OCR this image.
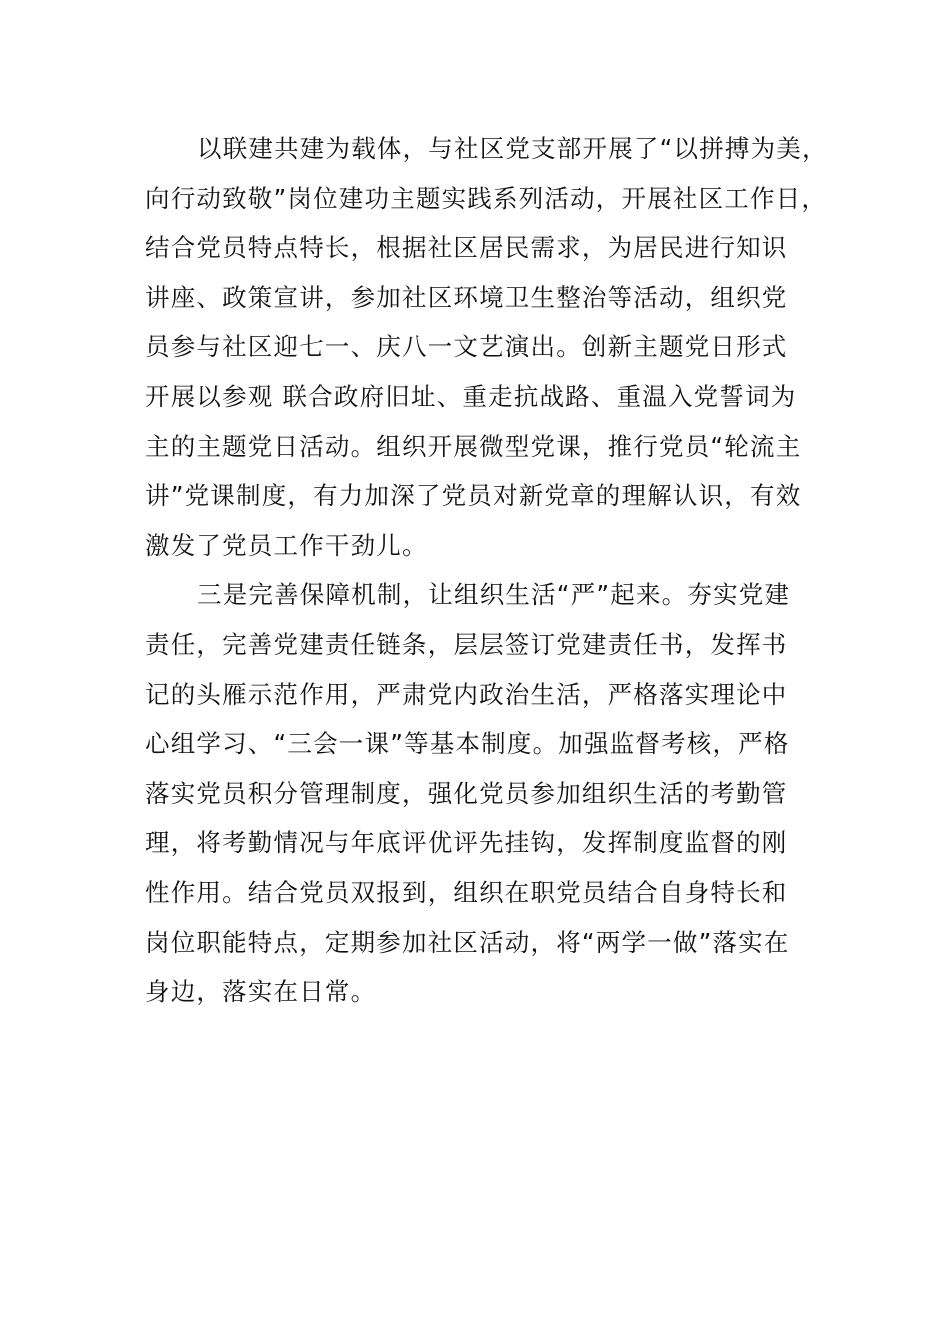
以联建共建为载体，与社区党支部开展了“以拼搏为美，
向行动致敬”岗位建功主题实践系列活动，开展社区工作日，
结合党员特点特长，根据社区居民需求，为居民进行知识
讲座、政策宣讲，参加社区环境卫生整治等活动，组织党
员参与社区迎七一、庆八一文艺演出。创新主题党日形式
开展以参观 联合政府旧址、重走抗战路、重温入党誓词为
主的主题党日活动。组织开展微型党课，推行党员“轮流主
讲”党课制度，有力加深了党员对新党章的理解认识，有效
激发了党员工作干劲儿。
三是完善保障机制，让组织生活“严”起来。夯实党建
责任，完善党建责任链条，层层签订党建责任书，发挥书
记的头雁示范作用，严肃党内政治生活，严格落实理论中
心组学习、“三会一课”等基本制度。加强监督考核，严格
落实党员积分管理制度，强化党员参加组织生活的考勤管
理，将考勤情况与年底评优评先挂钩，发挥制度监督的刚
性作用。结合党员双报到，组织在职党员结合自身特长和
岗位职能特点，定期参加社区活动，将“两学一做”落实在
身边，落实在日常。
